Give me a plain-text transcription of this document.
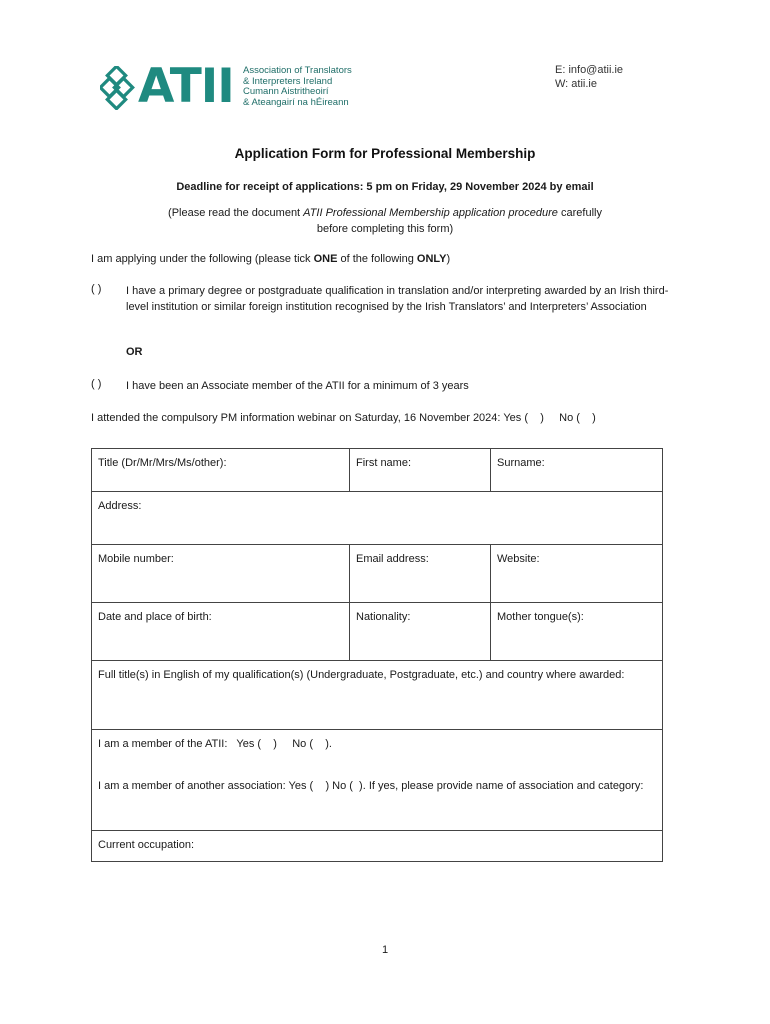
ATII Association of Translators
& Interpreters Ireland
Cumann Aistritheoirí
& Ateangairí na hÉireann
E: info@atii.ie
W: atii.ie
Application Form for Professional Membership
Deadline for receipt of applications: 5 pm on Friday, 29 November 2024 by email
(Please read the document ATII Professional Membership application procedure carefully
before completing this form)
I am applying under the following (please tick ONE of the following ONLY)
( ) I have a primary degree or postgraduate qualification in translation and/or interpreting awarded by an Irish third-level institution or similar foreign institution recognised by the Irish Translators’ and Interpreters’ Association
OR
( ) I have been an Associate member of the ATII for a minimum of 3 years
I attended the compulsory PM information webinar on Saturday, 16 November 2024: Yes (    )     No (    )
Title (Dr/Mr/Mrs/Ms/other):	First name:	Surname:
Address:		
Mobile number:	Email address:	Website:
Date and place of birth:	Nationality:	Mother tongue(s):
Full title(s) in English of my qualification(s) (Undergraduate, Postgraduate, etc.) and country where awarded:		

I am a member of the ATII:   Yes (    )     No (    ).
I am a member of another association: Yes (    ) No (  ). If yes, please provide name of association and category:		

Current occupation:		
1
